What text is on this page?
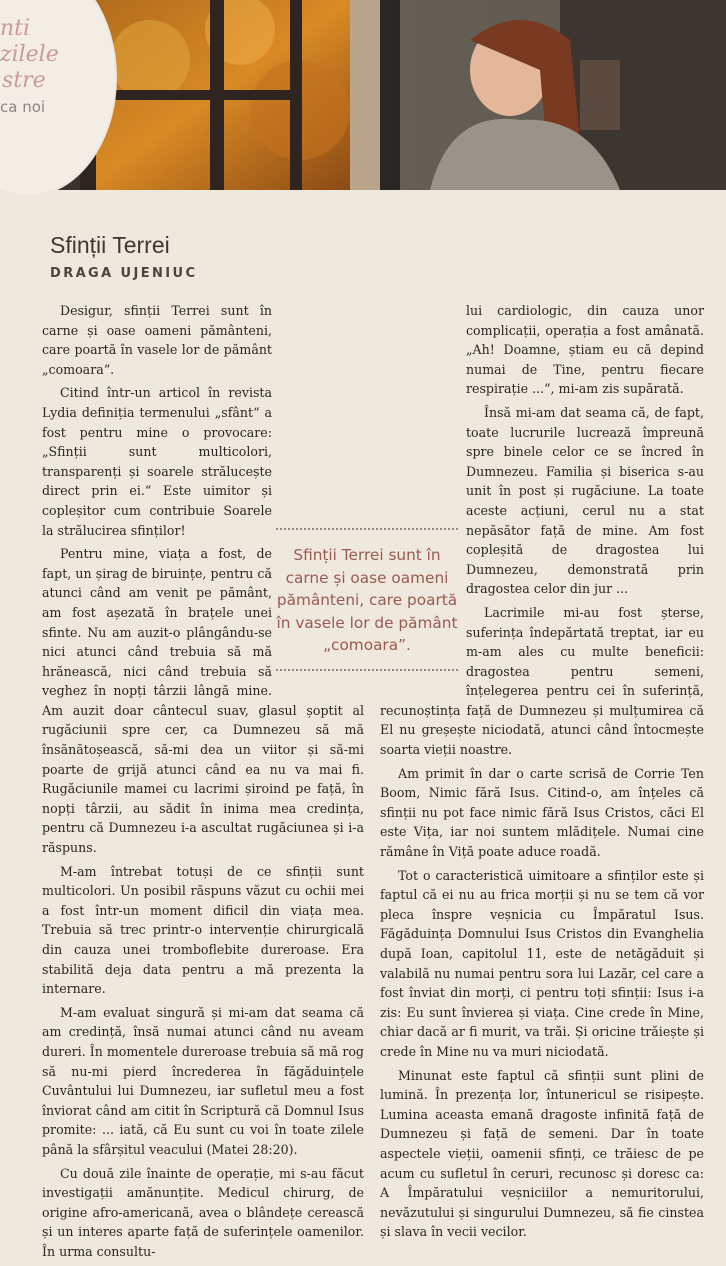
nti
zilele
stre
ca noi
Sfinții Terrei
DRAGA UJENIUC

Desigur, sfinții Terrei sunt în carne și oase oameni pământeni, care poartă în vasele lor de pământ „comoara“.

Citind într-un articol în revista Lydia definiția termenului „sfânt“ a fost pentru mine o provocare: „Sfinții sunt multicolori, transparenți și soarele strălucește direct prin ei.“ Este uimitor și copleșitor cum contribuie Soarele la strălucirea sfinților!

Pentru mine, viața a fost, de fapt, un șirag de biruințe, pentru că atunci când am venit pe pământ, am fost așezată în brațele unei sfinte. Nu am auzit-o plângându-se nici atunci când trebuia să mă hrănească, nici când trebuia să veghez în nopți târzii lângă mine. Am auzit doar cântecul suav, glasul șoptit al rugăciunii spre cer, ca Dumnezeu să mă însănătoșească, să-mi dea un viitor și să-mi poarte de grijă atunci când ea nu va mai fi. Rugăciunile mamei cu lacrimi șiroind pe față, în nopți târzii, au sădit în inima mea credința, pentru că Dumnezeu i-a ascultat rugăciunea și i-a răspuns.

M-am întrebat totuși de ce sfinții sunt multicolori. Un posibil răspuns văzut cu ochii mei a fost într-un moment dificil din viața mea. Trebuia să trec printr-o intervenție chirurgicală din cauza unei tromboflebite dureroase. Era stabilită deja data pentru a mă prezenta la internare.

M-am evaluat singură și mi-am dat seama că am credință, însă numai atunci când nu aveam dureri. În momentele dureroase trebuia să mă rog să nu-mi pierd încrederea în făgăduințele Cuvântului lui Dumnezeu, iar sufletul meu a fost înviorat când am citit în Scriptură că Domnul Isus promite: ... iată, că Eu sunt cu voi în toate zilele până la sfârșitul veacului (Matei 28:20).

Cu două zile înainte de operație, mi s-au făcut investigații amănunțite. Medicul chirurg, de origine afro-americană, avea o blândețe cerească și un interes aparte față de suferințele oamenilor. În urma consultu-

lui cardiologic, din cauza unor complicații, operația a fost amânată. „Ah! Doamne, știam eu că depind numai de Tine, pentru fiecare respirație ...“, mi-am zis supărată.

Însă mi-am dat seama că, de fapt, toate lucrurile lucrează împreună spre binele celor ce se încred în Dumnezeu. Familia și biserica s-au unit în post și rugăciune. La toate aceste acțiuni, cerul nu a stat nepăsător față de mine. Am fost copleșită de dragostea lui Dumnezeu, demonstrată prin dragostea celor din jur ...

Lacrimile mi-au fost șterse, suferința îndepărtată treptat, iar eu m-am ales cu multe beneficii: dragostea pentru semeni, înțelegerea pentru cei în suferință, recunoștința față de Dumnezeu și mulțumirea că El nu greșește niciodată, atunci când întocmește soarta vieții noastre.

Am primit în dar o carte scrisă de Corrie Ten Boom, Nimic fără Isus. Citind-o, am înțeles că sfinții nu pot face nimic fără Isus Cristos, căci El este Vița, iar noi suntem mlădițele. Numai cine rămâne în Viță poate aduce roadă.

Tot o caracteristică uimitoare a sfinților este și faptul că ei nu au frica morții și nu se tem că vor pleca înspre veșnicia cu Împăratul Isus. Făgăduința Domnului Isus Cristos din Evanghelia după Ioan, capitolul 11, este de netăgăduit și valabilă nu numai pentru sora lui Lazăr, cel care a fost înviat din morți, ci pentru toți sfinții: Isus i-a zis: Eu sunt învierea și viața. Cine crede în Mine, chiar dacă ar fi murit, va trăi. Și oricine trăiește și crede în Mine nu va muri niciodată.

Minunat este faptul că sfinții sunt plini de lumină. În prezența lor, întunericul se risipește. Lumina aceasta emană dragoste infinită față de Dumnezeu și față de semeni. Dar în toate aspectele vieții, oamenii sfinți, ce trăiesc de pe acum cu sufletul în ceruri, recunosc și doresc ca: A Împăratului veșniciilor a nemuritorului, nevăzutului și singurului Dumnezeu, să fie cinstea și slava în vecii vecilor.

Sfinții Terrei sunt în carne și oase oameni pământeni, care poartă în vasele lor de pământ „comoara”.
